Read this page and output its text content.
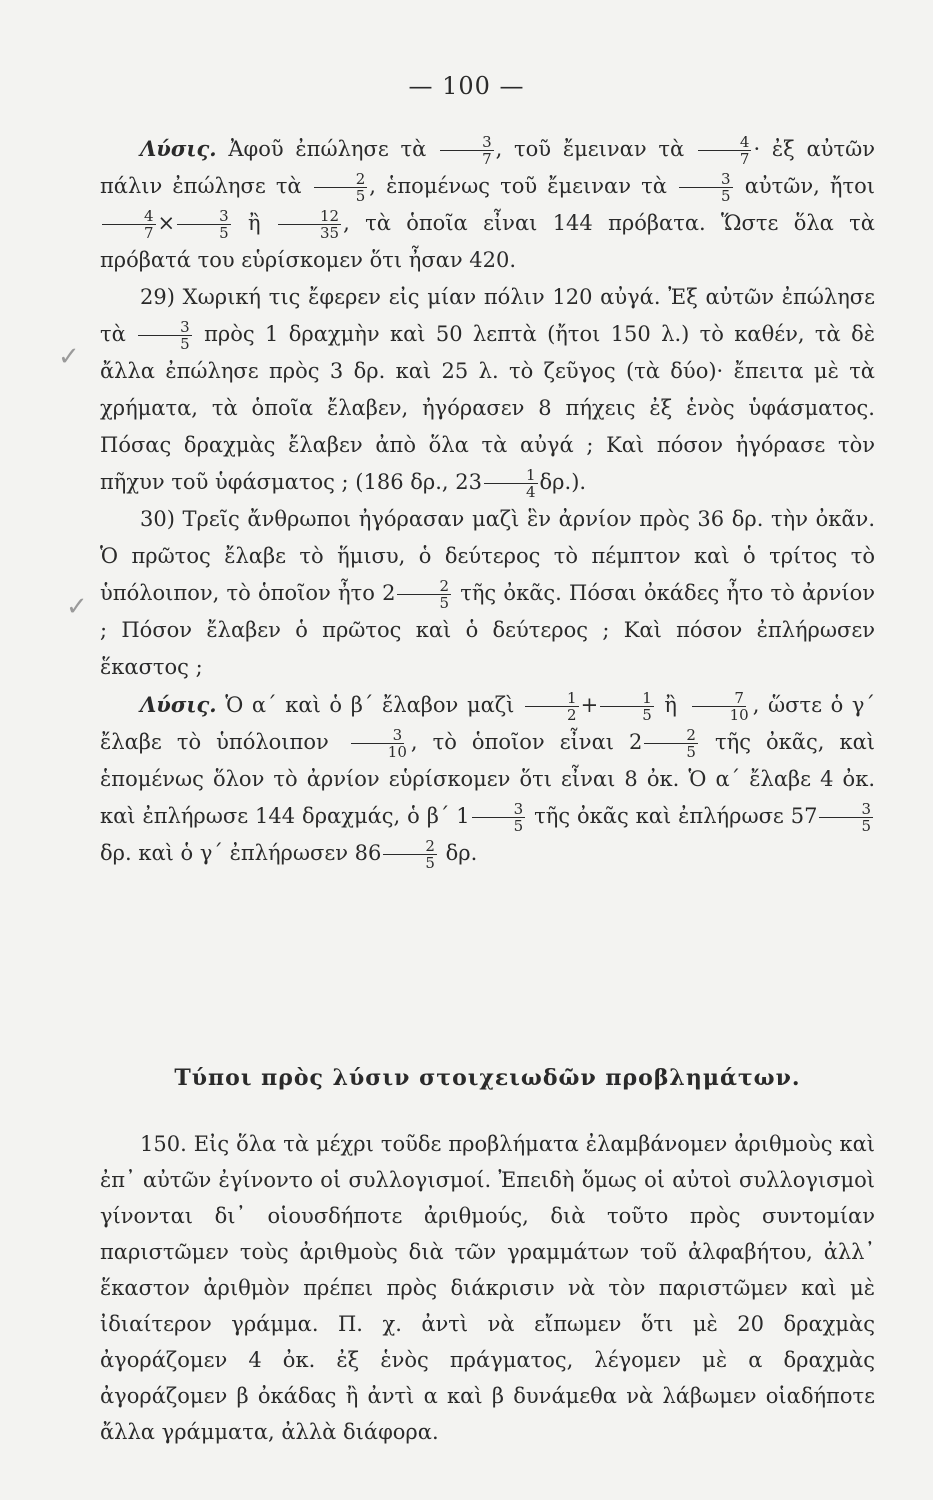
— 100 —
✓
✓

Λύσις. Ἀφοῦ ἐπώλησε τὰ $\frac{3}{7}$ , τοῦ ἔμειναν τὰ $\frac{4}{7}$ · ἐξ αὐτῶν πάλιν ἐπώλησε τὰ $\frac{2}{5}$ , ἑπομένως τοῦ ἔμειναν τὰ $\frac{3}{5}$ αὐτῶν, ἤτοι
$\frac{4}{7} \times \frac{3}{5}$ ἢ $\frac{12}{35}$ , τὰ ὁποῖα εἶναι 144 πρόβατα. Ὥστε ὅλα τὰ πρόβατά του εὑρίσκομεν ὅτι ἦσαν 420.

29) Χωρική τις ἔφερεν εἰς μίαν πόλιν 120 αὐγά. Ἐξ αὐτῶν ἐπώλησε τὰ $\frac{3}{5}$ πρὸς 1 δραχμὴν καὶ 50 λεπτὰ (ἤτοι 150 λ.) τὸ καθέν, τὰ δὲ ἄλλα ἐπώλησε πρὸς 3 δρ. καὶ 25 λ. τὸ ζεῦγος (τὰ δύο)· ἔπειτα μὲ τὰ χρήματα, τὰ ὁποῖα ἔλαβεν, ἠγόρασεν 8 πήχεις ἐξ ἑνὸς ὑφάσματος. Πόσας δραχμὰς ἔλαβεν ἀπὸ ὅλα τὰ αὐγά ; Καὶ πόσον ἠγόρασε τὸν πῆχυν τοῦ ὑφάσματος ; (186 δρ., $23 \frac{1}{4} \delta\rho$.).

30) Τρεῖς ἄνθρωποι ἠγόρασαν μαζὶ ἓν ἀρνίον πρὸς 36 δρ. τὴν ὀκᾶν. Ὁ πρῶτος ἔλαβε τὸ ἥμισυ, ὁ δεύτερος τὸ πέμπτον καὶ ὁ τρίτος τὸ ὑπόλοιπον, τὸ ὁποῖον ἦτο $2 \frac{2}{5}$ τῆς ὀκᾶς. Πόσαι ὀκάδες ἦτο τὸ ἀρνίον ; Πόσον ἔλαβεν ὁ πρῶτος καὶ ὁ δεύτερος ; Καὶ πόσον ἐπλήρωσεν ἕκαστος ;

Λύσις. Ὁ α΄ καὶ ὁ β΄ ἔλαβον μαζὶ $\frac{1}{2} + \frac{1}{5}$ ἢ $\frac{7}{10}$ , ὥστε ὁ γ΄ ἔλαβε τὸ ὑπόλοιπον $\frac{3}{10}$ , τὸ ὁποῖον εἶναι $2 \frac{2}{5}$ τῆς ὀκᾶς, καὶ ἑπομένως ὅλον τὸ ἀρνίον εὑρίσκομεν ὅτι εἶναι 8 ὀκ. Ὁ α΄ ἔλαβε 4 ὀκ. καὶ ἐπλήρωσε 144 δραχμάς, ὁ β΄ $1 \frac{3}{5}$ τῆς ὀκᾶς καὶ ἐπλήρωσε $57 \frac{3}{5}$
δρ. καὶ ὁ γ΄ ἐπλήρωσεν $86 \frac{2}{5} \delta\rho$.

Τύποι πρὸς λύσιν στοιχειωδῶν προβλημάτων.

150. Εἰς ὅλα τὰ μέχρι τοῦδε προβλήματα ἐλαμβάνομεν ἀριθμοὺς καὶ ἐπ᾽ αὐτῶν ἐγίνοντο οἱ συλλογισμοί. Ἐπειδὴ ὅμως οἱ αὐτοὶ συλλογισμοὶ γίνονται δι᾽ οἱουσδήποτε ἀριθμούς, διὰ τοῦτο πρὸς συντομίαν παριστῶμεν τοὺς ἀριθμοὺς διὰ τῶν γραμμάτων τοῦ ἀλφαβήτου, ἀλλ᾽ ἕκαστον ἀριθμὸν πρέπει πρὸς διάκρισιν νὰ τὸν παριστῶμεν καὶ μὲ ἰδιαίτερον γράμμα. Π. χ. ἀντὶ νὰ εἴπωμεν ὅτι μὲ 20 δραχμὰς ἀγοράζομεν 4 ὀκ. ἐξ ἑνὸς πράγματος, λέγομεν μὲ α δραχμὰς ἀγοράζομεν β ὀκάδας ἢ ἀντὶ α καὶ β δυνάμεθα νὰ λάβωμεν οἱαδήποτε ἄλλα γράμματα, ἀλλὰ διάφορα.
